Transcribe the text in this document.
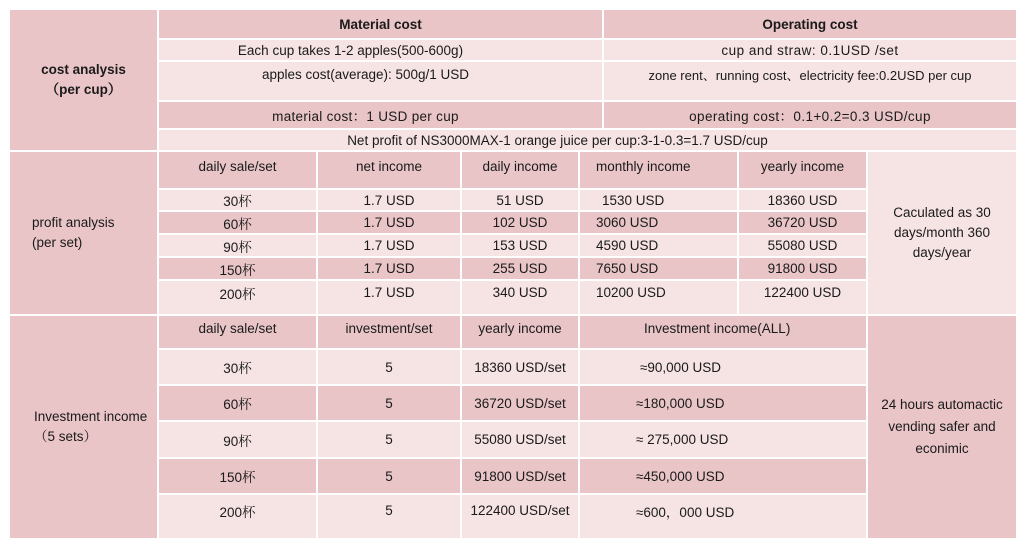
cost analysis
（per cup）
Material cost	Operating cost
Each cup takes 1-2 apples(500-600g)	cup and straw: 0.1USD /set
apples cost(average): 500g/1 USD	zone rent、running cost、electricity fee:0.2USD per cup
material cost：1 USD per cup	operating cost：0.1+0.2=0.3 USD/cup
Net profit of NS3000MAX-1 orange juice per cup:3-1-0.3=1.7 USD/cup
profit analysis
(per set)
daily sale/set	net income	daily income	monthly income	yearly income
30杯	1.7 USD	51 USD	1530 USD	18360 USD
60杯	1.7 USD	102 USD	3060 USD	36720 USD
90杯	1.7 USD	153 USD	4590 USD	55080 USD
150杯	1.7 USD	255 USD	7650 USD	91800 USD
200杯	1.7 USD	340 USD	10200 USD	122400 USD
Caculated as 30 days/month 360 days/year
Investment income
（5 sets）
daily sale/set	investment/set	yearly income	Investment income(ALL)
30杯	5	18360 USD/set	≈90,000 USD
60杯	5	36720 USD/set	≈180,000 USD
90杯	5	55080 USD/set	≈ 275,000 USD
150杯	5	91800 USD/set	≈450,000 USD
200杯	5	122400 USD/set	≈600，000 USD
24 hours automactic vending safer and econimic
